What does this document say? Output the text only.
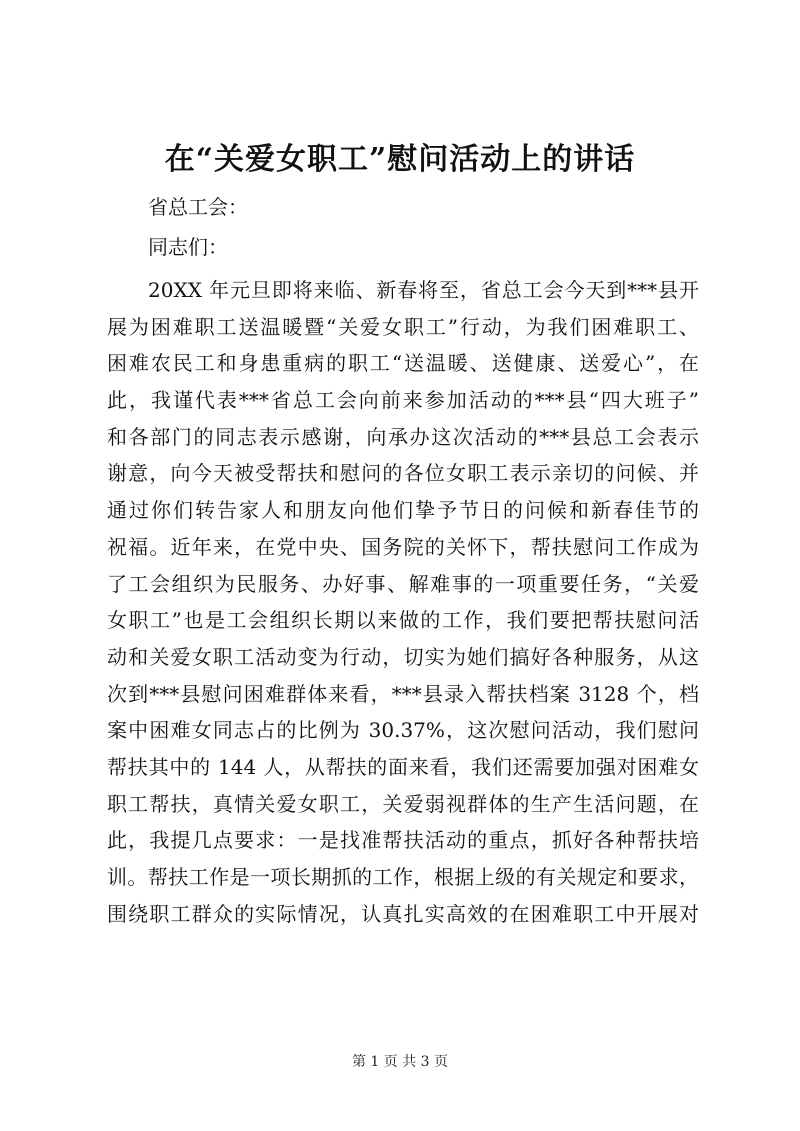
在“关爱女职工”慰问活动上的讲话
省总工会：
同志们：
20XX 年元旦即将来临、新春将至，省总工会今天到***县开
展为困难职工送温暖暨“关爱女职工”行动，为我们困难职工、
困难农民工和身患重病的职工“送温暖、送健康、送爱心”，在
此，我谨代表***省总工会向前来参加活动的***县“四大班子”
和各部门的同志表示感谢，向承办这次活动的***县总工会表示
谢意，向今天被受帮扶和慰问的各位女职工表示亲切的问候、并
通过你们转告家人和朋友向他们挚予节日的问候和新春佳节的
祝福。近年来，在党中央、国务院的关怀下，帮扶慰问工作成为
了工会组织为民服务、办好事、解难事的一项重要任务，“关爱
女职工”也是工会组织长期以来做的工作，我们要把帮扶慰问活
动和关爱女职工活动变为行动，切实为她们搞好各种服务，从这
次到***县慰问困难群体来看，***县录入帮扶档案 3128 个，档
案中困难女同志占的比例为 30.37%，这次慰问活动，我们慰问
帮扶其中的 144 人，从帮扶的面来看，我们还需要加强对困难女
职工帮扶，真情关爱女职工，关爱弱视群体的生产生活问题，在
此，我提几点要求：一是找准帮扶活动的重点，抓好各种帮扶培
训。帮扶工作是一项长期抓的工作，根据上级的有关规定和要求，
围绕职工群众的实际情况，认真扎实高效的在困难职工中开展对
第 1 页 共 3 页
